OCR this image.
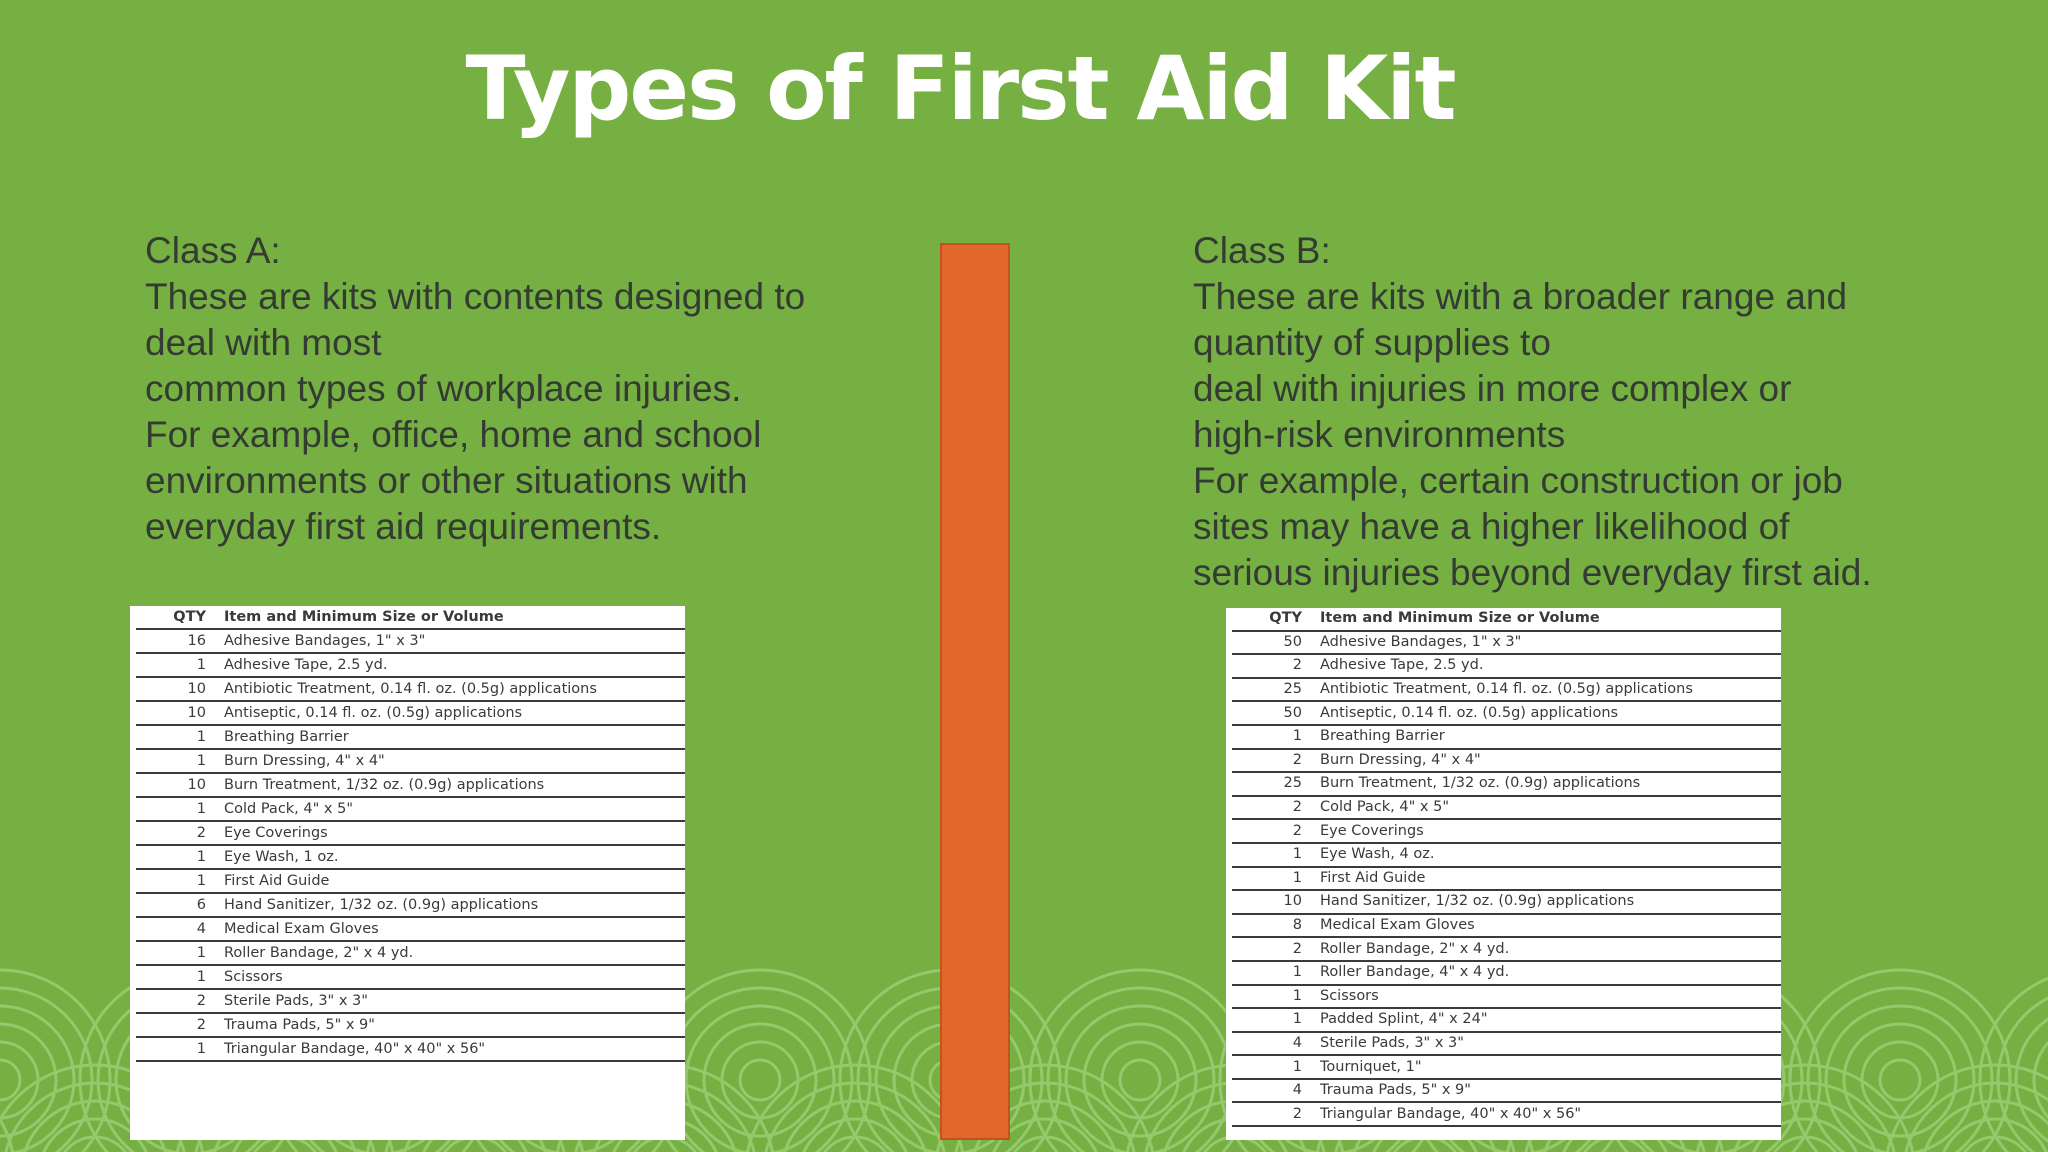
Types of First Aid Kit
Class A:
These are kits with contents designed to
deal with most
common types of workplace injuries.
For example, office, home and school
environments or other situations with
everyday first aid requirements.
Class B:
These are kits with a broader range and
quantity of supplies to
deal with injuries in more complex or
high-risk environments
For example, certain construction or job
sites may have a higher likelihood of
serious injuries beyond everyday first aid.
QTY	Item and Minimum Size or Volume
16	Adhesive Bandages, 1" x 3"
1	Adhesive Tape, 2.5 yd.
10	Antibiotic Treatment, 0.14 fl. oz. (0.5g) applications
10	Antiseptic, 0.14 fl. oz. (0.5g) applications
1	Breathing Barrier
1	Burn Dressing, 4" x 4"
10	Burn Treatment, 1/32 oz. (0.9g) applications
1	Cold Pack, 4" x 5"
2	Eye Coverings
1	Eye Wash, 1 oz.
1	First Aid Guide
6	Hand Sanitizer, 1/32 oz. (0.9g) applications
4	Medical Exam Gloves
1	Roller Bandage, 2" x 4 yd.
1	Scissors
2	Sterile Pads, 3" x 3"
2	Trauma Pads, 5" x 9"
1	Triangular Bandage, 40" x 40" x 56"
QTY	Item and Minimum Size or Volume
50	Adhesive Bandages, 1" x 3"
2	Adhesive Tape, 2.5 yd.
25	Antibiotic Treatment, 0.14 fl. oz. (0.5g) applications
50	Antiseptic, 0.14 fl. oz. (0.5g) applications
1	Breathing Barrier
2	Burn Dressing, 4" x 4"
25	Burn Treatment, 1/32 oz. (0.9g) applications
2	Cold Pack, 4" x 5"
2	Eye Coverings
1	Eye Wash, 4 oz.
1	First Aid Guide
10	Hand Sanitizer, 1/32 oz. (0.9g) applications
8	Medical Exam Gloves
2	Roller Bandage, 2" x 4 yd.
1	Roller Bandage, 4" x 4 yd.
1	Scissors
1	Padded Splint, 4" x 24"
4	Sterile Pads, 3" x 3"
1	Tourniquet, 1"
4	Trauma Pads, 5" x 9"
2	Triangular Bandage, 40" x 40" x 56"
